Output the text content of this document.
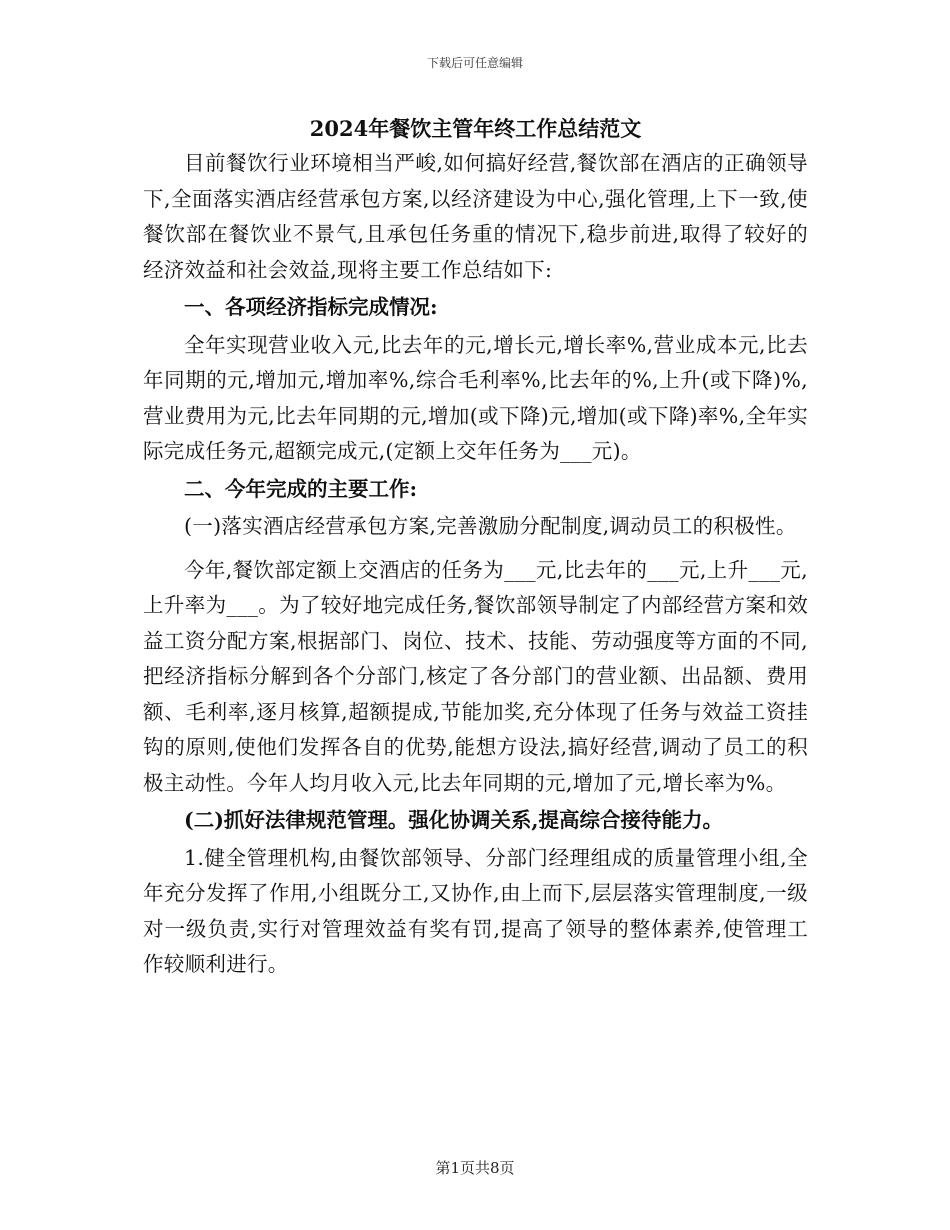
下载后可任意编辑
2024年餐饮主管年终工作总结范文

目前餐饮行业环境相当严峻,如何搞好经营,餐饮部在酒店的正确领导下,全面落实酒店经营承包方案,以经济建设为中心,强化管理,上下一致,使餐饮部在餐饮业不景气,且承包任务重的情况下,稳步前进,取得了较好的经济效益和社会效益,现将主要工作总结如下:

一、各项经济指标完成情况:

全年实现营业收入元,比去年的元,增长元,增长率%,营业成本元,比去年同期的元,增加元,增加率%,综合毛利率%,比去年的%,上升(或下降)%,营业费用为元,比去年同期的元,增加(或下降)元,增加(或下降)率%,全年实际完成任务元,超额完成元,(定额上交年任务为___元)。

二、今年完成的主要工作:

(一)落实酒店经营承包方案,完善激励分配制度,调动员工的积极性。

今年,餐饮部定额上交酒店的任务为___元,比去年的___元,上升___元,上升率为___。为了较好地完成任务,餐饮部领导制定了内部经营方案和效益工资分配方案,根据部门、岗位、技术、技能、劳动强度等方面的不同,把经济指标分解到各个分部门,核定了各分部门的营业额、出品额、费用额、毛利率,逐月核算,超额提成,节能加奖,充分体现了任务与效益工资挂钩的原则,使他们发挥各自的优势,能想方设法,搞好经营,调动了员工的积极主动性。今年人均月收入元,比去年同期的元,增加了元,增长率为%。

(二)抓好法律规范管理。强化协调关系,提高综合接待能力。

1.健全管理机构,由餐饮部领导、分部门经理组成的质量管理小组,全年充分发挥了作用,小组既分工,又协作,由上而下,层层落实管理制度,一级对一级负责,实行对管理效益有奖有罚,提高了领导的整体素养,使管理工作较顺利进行。

第1页共8页
